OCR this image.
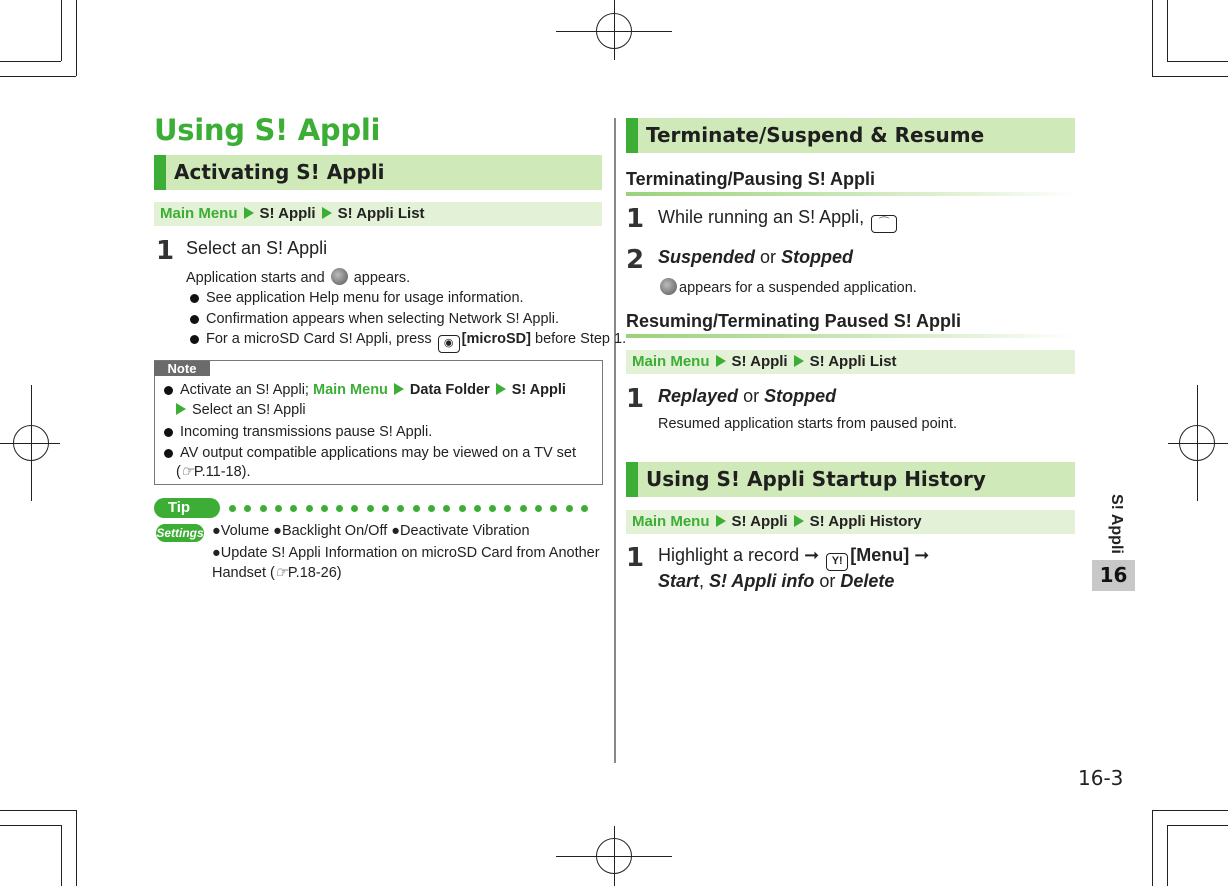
Using S! Appli
Activating S! Appli
Main Menu S! Appli S! Appli List
1 Select an S! Appli
Application starts and appears.
See application Help menu for usage information.
Confirmation appears when selecting Network S! Appli.
For a microSD Card S! Appli, press ◉ [microSD] before Step 1.
Note
Activate an S! Appli; Main Menu Data Folder S! Appli
Select an S! Appli
Incoming transmissions pause S! Appli.
AV output compatible applications may be viewed on a TV set
(☞P.11-18).
Tip
Settings ●Volume ●Backlight On/Off ●Deactivate Vibration
●Update S! Appli Information on microSD Card from Another
Handset (☞P.18-26)
Terminate/Suspend & Resume
Terminating/Pausing S! Appli
1 While running an S! Appli, ⌒
2 Suspended or Stopped
appears for a suspended application.
Resuming/Terminating Paused S! Appli
Main Menu S! Appli S! Appli List
1 Replayed or Stopped
Resumed application starts from paused point.
Using S! Appli Startup History
Main Menu S! Appli S! Appli History
1 Highlight a record ➞ Y! [Menu] ➞
Start, S! Appli info or Delete
S! Appli
16
16-3
